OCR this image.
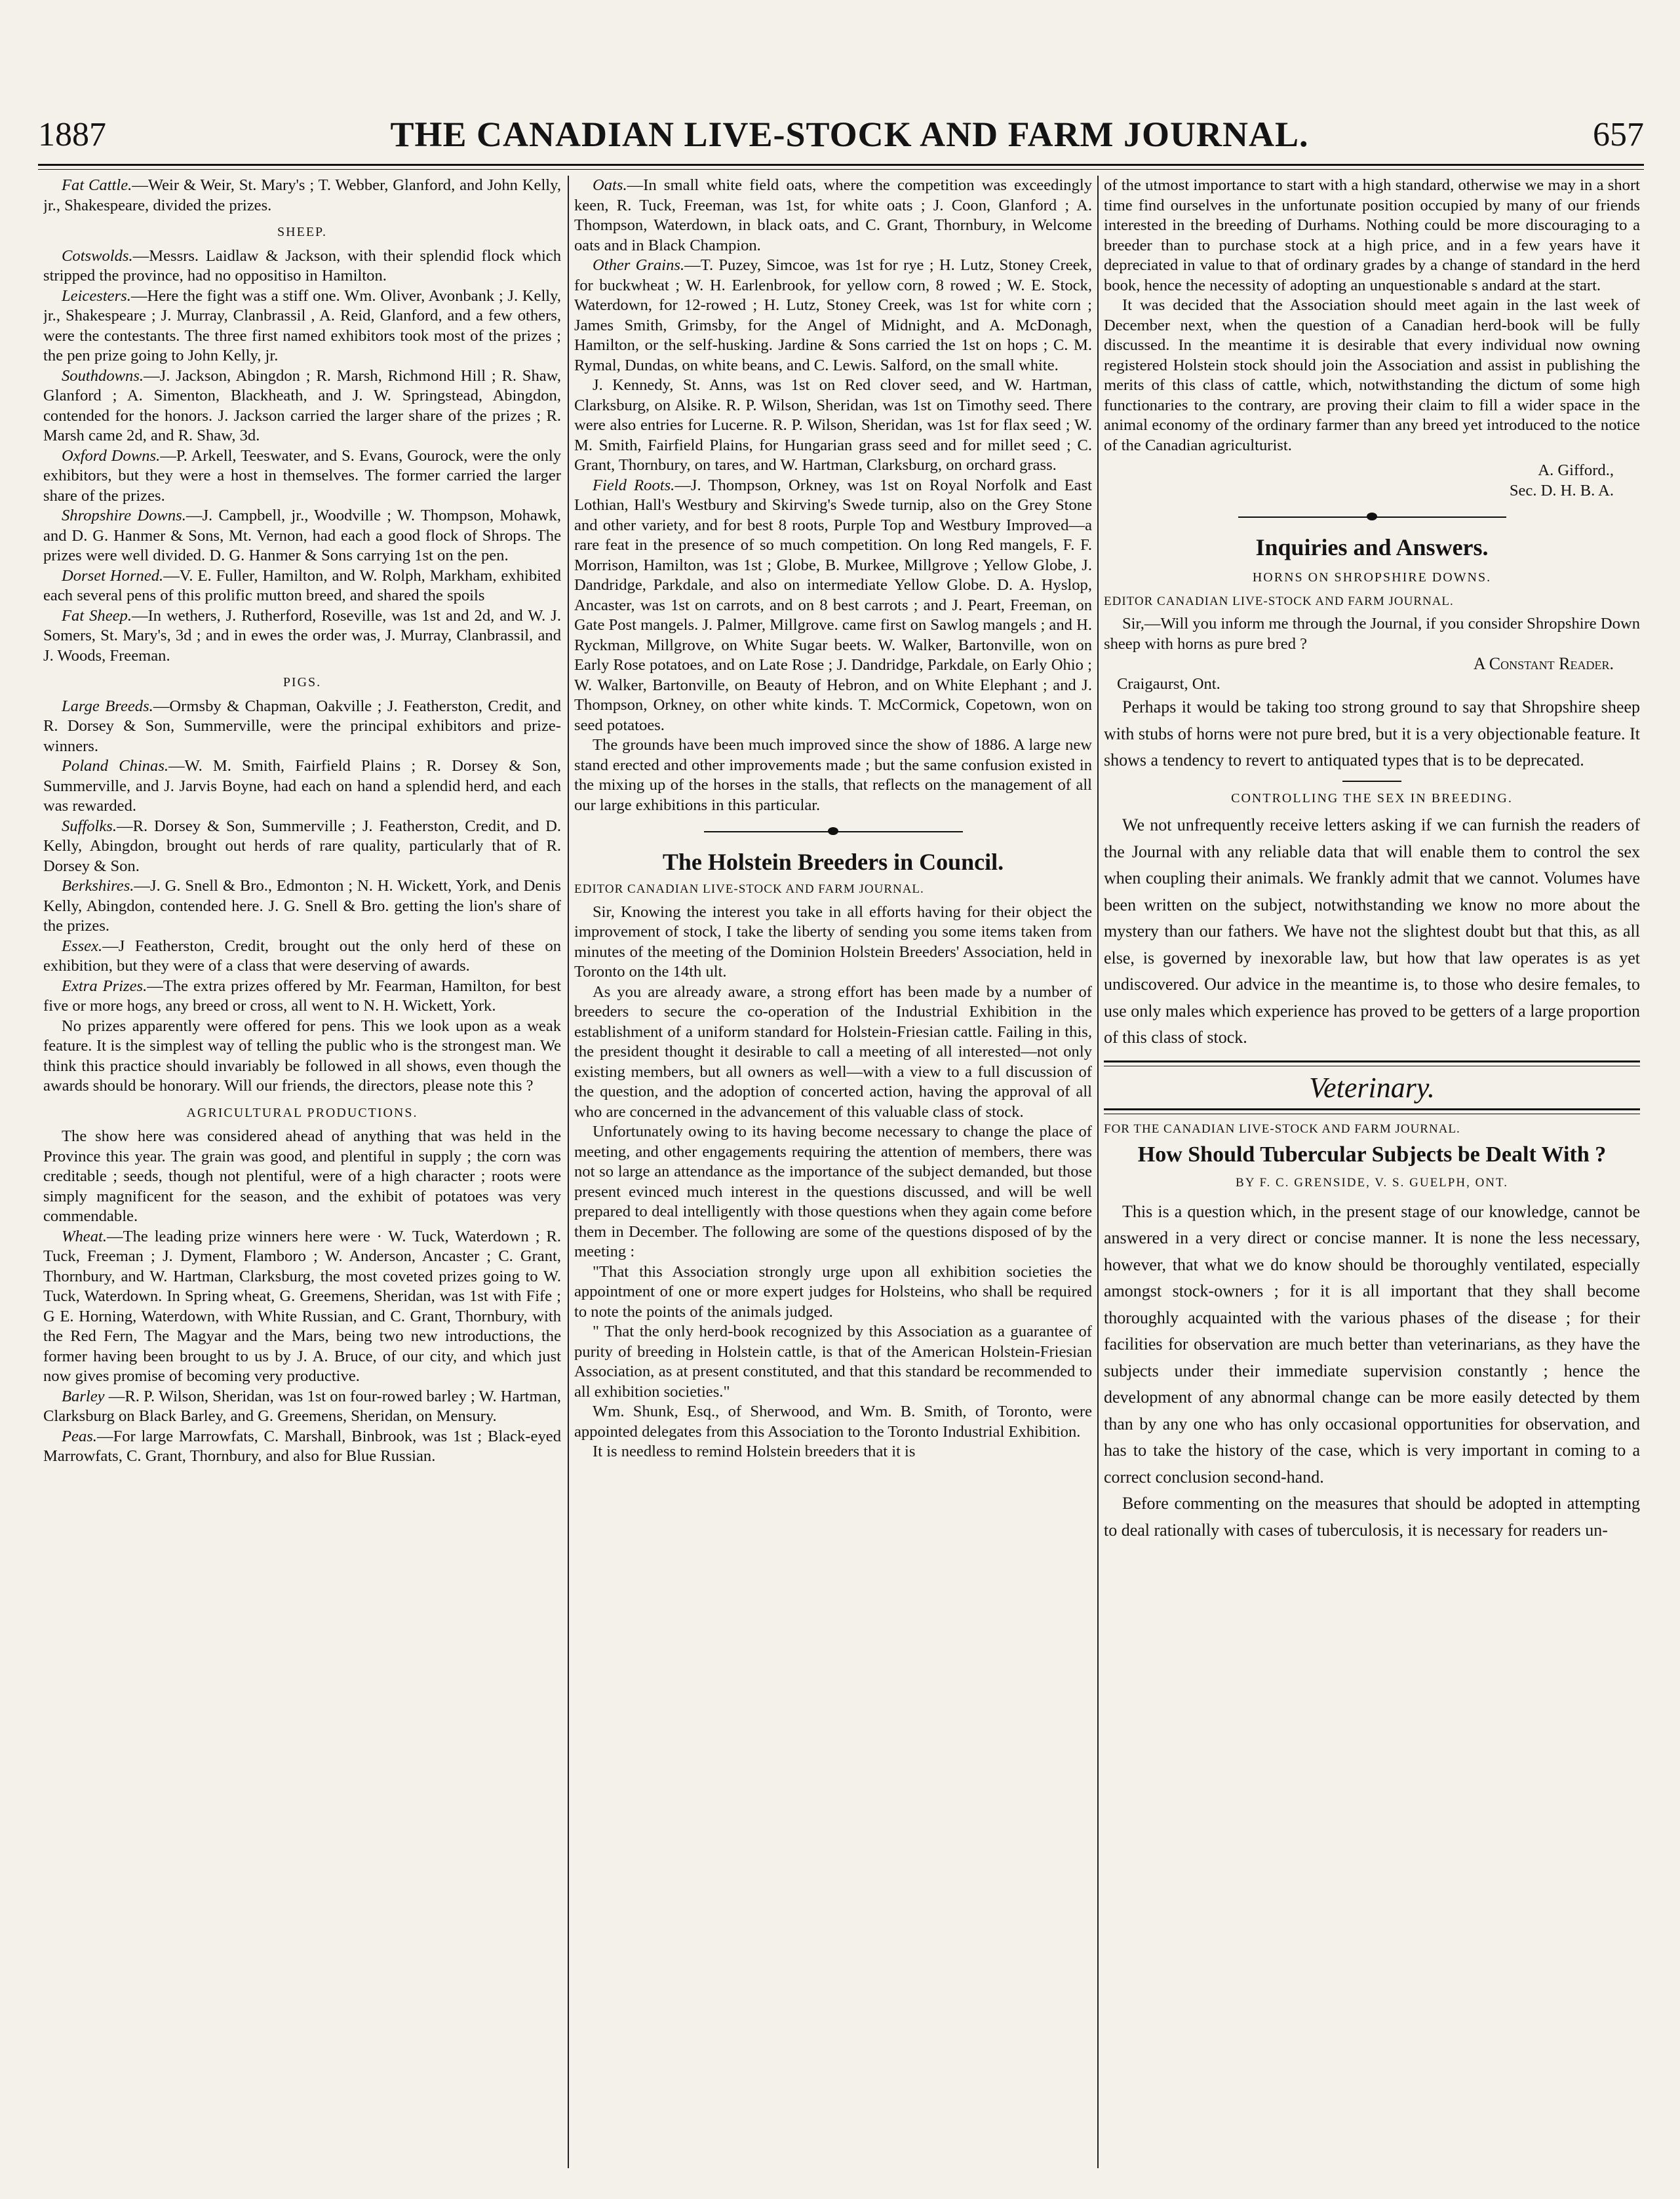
1887	THE CANADIAN LIVE-STOCK AND FARM JOURNAL.	657

Fat Cattle.—Weir & Weir, St. Mary's ; T. Webber, Glanford, and John Kelly, jr., Shakespeare, divided the prizes.

SHEEP.

Cotswolds.—Messrs. Laidlaw & Jackson, with their splendid flock which stripped the province, had no oppositiso in Hamilton.

Leicesters.—Here the fight was a stiff one. Wm. Oliver, Avonbank ; J. Kelly, jr., Shakespeare ; J. Murray, Clanbrassil , A. Reid, Glanford, and a few others, were the contestants. The three first named exhibitors took most of the prizes ; the pen prize going to John Kelly, jr.

Southdowns.—J. Jackson, Abingdon ; R. Marsh, Richmond Hill ; R. Shaw, Glanford ; A. Simenton, Blackheath, and J. W. Springstead, Abingdon, contended for the honors. J. Jackson carried the larger share of the prizes ; R. Marsh came 2d, and R. Shaw, 3d.

Oxford Downs.—P. Arkell, Teeswater, and S. Evans, Gourock, were the only exhibitors, but they were a host in themselves. The former carried the larger share of the prizes.

Shropshire Downs.—J. Campbell, jr., Woodville ; W. Thompson, Mohawk, and D. G. Hanmer & Sons, Mt. Vernon, had each a good flock of Shrops. The prizes were well divided. D. G. Hanmer & Sons carrying 1st on the pen.

Dorset Horned.—V. E. Fuller, Hamilton, and W. Rolph, Markham, exhibited each several pens of this prolific mutton breed, and shared the spoils

Fat Sheep.—In wethers, J. Rutherford, Roseville, was 1st and 2d, and W. J. Somers, St. Mary's, 3d ; and in ewes the order was, J. Murray, Clanbrassil, and J. Woods, Freeman.

PIGS.

Large Breeds.—Ormsby & Chapman, Oakville ; J. Featherston, Credit, and R. Dorsey & Son, Summerville, were the principal exhibitors and prize-winners.

Poland Chinas.—W. M. Smith, Fairfield Plains ; R. Dorsey & Son, Summerville, and J. Jarvis Boyne, had each on hand a splendid herd, and each was rewarded.

Suffolks.—R. Dorsey & Son, Summerville ; J. Featherston, Credit, and D. Kelly, Abingdon, brought out herds of rare quality, particularly that of R. Dorsey & Son.

Berkshires.—J. G. Snell & Bro., Edmonton ; N. H. Wickett, York, and Denis Kelly, Abingdon, contended here. J. G. Snell & Bro. getting the lion's share of the prizes.

Essex.—J Featherston, Credit, brought out the only herd of these on exhibition, but they were of a class that were deserving of awards.

Extra Prizes.—The extra prizes offered by Mr. Fearman, Hamilton, for best five or more hogs, any breed or cross, all went to N. H. Wickett, York.

No prizes apparently were offered for pens. This we look upon as a weak feature. It is the simplest way of telling the public who is the strongest man. We think this practice should invariably be followed in all shows, even though the awards should be honorary. Will our friends, the directors, please note this ?

AGRICULTURAL PRODUCTIONS.

The show here was considered ahead of anything that was held in the Province this year. The grain was good, and plentiful in supply ; the corn was creditable ; seeds, though not plentiful, were of a high character ; roots were simply magnificent for the season, and the exhibit of potatoes was very commendable.

Wheat.—The leading prize winners here were · W. Tuck, Waterdown ; R. Tuck, Freeman ; J. Dyment, Flamboro ; W. Anderson, Ancaster ; C. Grant, Thornbury, and W. Hartman, Clarksburg, the most coveted prizes going to W. Tuck, Waterdown. In Spring wheat, G. Greemens, Sheridan, was 1st with Fife ; G E. Horning, Waterdown, with White Russian, and C. Grant, Thornbury, with the Red Fern, The Magyar and the Mars, being two new introductions, the former having been brought to us by J. A. Bruce, of our city, and which just now gives promise of becoming very productive.

Barley —R. P. Wilson, Sheridan, was 1st on four-rowed barley ; W. Hartman, Clarksburg on Black Barley, and G. Greemens, Sheridan, on Mensury.

Peas.—For large Marrowfats, C. Marshall, Binbrook, was 1st ; Black-eyed Marrowfats, C. Grant, Thornbury, and also for Blue Russian.

Oats.—In small white field oats, where the competition was exceedingly keen, R. Tuck, Freeman, was 1st, for white oats ; J. Coon, Glanford ; A. Thompson, Waterdown, in black oats, and C. Grant, Thornbury, in Welcome oats and in Black Champion.

Other Grains.—T. Puzey, Simcoe, was 1st for rye ; H. Lutz, Stoney Creek, for buckwheat ; W. H. Earlenbrook, for yellow corn, 8 rowed ; W. E. Stock, Waterdown, for 12-rowed ; H. Lutz, Stoney Creek, was 1st for white corn ; James Smith, Grimsby, for the Angel of Midnight, and A. McDonagh, Hamilton, or the self-husking. Jardine & Sons carried the 1st on hops ; C. M. Rymal, Dundas, on white beans, and C. Lewis. Salford, on the small white.

J. Kennedy, St. Anns, was 1st on Red clover seed, and W. Hartman, Clarksburg, on Alsike. R. P. Wilson, Sheridan, was 1st on Timothy seed. There were also entries for Lucerne. R. P. Wilson, Sheridan, was 1st for flax seed ; W. M. Smith, Fairfield Plains, for Hungarian grass seed and for millet seed ; C. Grant, Thornbury, on tares, and W. Hartman, Clarksburg, on orchard grass.

Field Roots.—J. Thompson, Orkney, was 1st on Royal Norfolk and East Lothian, Hall's Westbury and Skirving's Swede turnip, also on the Grey Stone and other variety, and for best 8 roots, Purple Top and Westbury Improved—a rare feat in the presence of so much competition. On long Red mangels, F. F. Morrison, Hamilton, was 1st ; Globe, B. Murkee, Millgrove ; Yellow Globe, J. Dandridge, Parkdale, and also on intermediate Yellow Globe. D. A. Hyslop, Ancaster, was 1st on carrots, and on 8 best carrots ; and J. Peart, Freeman, on Gate Post mangels. J. Palmer, Millgrove. came first on Sawlog mangels ; and H. Ryckman, Millgrove, on White Sugar beets. W. Walker, Bartonville, won on Early Rose potatoes, and on Late Rose ; J. Dandridge, Parkdale, on Early Ohio ; W. Walker, Bartonville, on Beauty of Hebron, and on White Elephant ; and J. Thompson, Orkney, on other white kinds. T. McCormick, Copetown, won on seed potatoes.

The grounds have been much improved since the show of 1886. A large new stand erected and other improvements made ; but the same confusion existed in the mixing up of the horses in the stalls, that reflects on the management of all our large exhibitions in this particular.

The Holstein Breeders in Council.

EDITOR CANADIAN LIVE-STOCK AND FARM JOURNAL.

Sir, Knowing the interest you take in all efforts having for their object the improvement of stock, I take the liberty of sending you some items taken from minutes of the meeting of the Dominion Holstein Breeders' Association, held in Toronto on the 14th ult.

As you are already aware, a strong effort has been made by a number of breeders to secure the co-operation of the Industrial Exhibition in the establishment of a uniform standard for Holstein-Friesian cattle. Failing in this, the president thought it desirable to call a meeting of all interested—not only existing members, but all owners as well—with a view to a full discussion of the question, and the adoption of concerted action, having the approval of all who are concerned in the advancement of this valuable class of stock.

Unfortunately owing to its having become necessary to change the place of meeting, and other engagements requiring the attention of members, there was not so large an attendance as the importance of the subject demanded, but those present evinced much interest in the questions discussed, and will be well prepared to deal intelligently with those questions when they again come before them in December. The following are some of the questions disposed of by the meeting :

"That this Association strongly urge upon all exhibition societies the appointment of one or more expert judges for Holsteins, who shall be required to note the points of the animals judged.

" That the only herd-book recognized by this Association as a guarantee of purity of breeding in Holstein cattle, is that of the American Holstein-Friesian Association, as at present constituted, and that this standard be recommended to all exhibition societies."

Wm. Shunk, Esq., of Sherwood, and Wm. B. Smith, of Toronto, were appointed delegates from this Association to the Toronto Industrial Exhibition.

It is needless to remind Holstein breeders that it is

of the utmost importance to start with a high standard, otherwise we may in a short time find ourselves in the unfortunate position occupied by many of our friends interested in the breeding of Durhams. Nothing could be more discouraging to a breeder than to purchase stock at a high price, and in a few years have it depreciated in value to that of ordinary grades by a change of standard in the herd book, hence the necessity of adopting an unquestionable s andard at the start.

It was decided that the Association should meet again in the last week of December next, when the question of a Canadian herd-book will be fully discussed. In the meantime it is desirable that every individual now owning registered Holstein stock should join the Association and assist in publishing the merits of this class of cattle, which, notwithstanding the dictum of some high functionaries to the contrary, are proving their claim to fill a wider space in the animal economy of the ordinary farmer than any breed yet introduced to the notice of the Canadian agriculturist.

A. Gifford.,

Sec. D. H. B. A.

Inquiries and Answers.

HORNS ON SHROPSHIRE DOWNS.

EDITOR CANADIAN LIVE-STOCK AND FARM JOURNAL.

Sir,—Will you inform me through the Journal, if you consider Shropshire Down sheep with horns as pure bred ?

A Constant Reader.

Craigaurst, Ont.

Perhaps it would be taking too strong ground to say that Shropshire sheep with stubs of horns were not pure bred, but it is a very objectionable feature. It shows a tendency to revert to antiquated types that is to be deprecated.

CONTROLLING THE SEX IN BREEDING.

We not unfrequently receive letters asking if we can furnish the readers of the Journal with any reliable data that will enable them to control the sex when coupling their animals. We frankly admit that we cannot. Volumes have been written on the subject, notwithstanding we know no more about the mystery than our fathers. We have not the slightest doubt but that this, as all else, is governed by inexorable law, but how that law operates is as yet undiscovered. Our advice in the meantime is, to those who desire females, to use only males which experience has proved to be getters of a large proportion of this class of stock.

Veterinary.

FOR THE CANADIAN LIVE-STOCK AND FARM JOURNAL.

How Should Tubercular Subjects be Dealt With ?

BY F. C. GRENSIDE, V. S. GUELPH, ONT.

This is a question which, in the present stage of our knowledge, cannot be answered in a very direct or concise manner. It is none the less necessary, however, that what we do know should be thoroughly ventilated, especially amongst stock-owners ; for it is all important that they shall become thoroughly acquainted with the various phases of the disease ; for their facilities for observation are much better than veterinarians, as they have the subjects under their immediate supervision constantly ; hence the development of any abnormal change can be more easily detected by them than by any one who has only occasional opportunities for observation, and has to take the history of the case, which is very important in coming to a correct conclusion second-hand.

Before commenting on the measures that should be adopted in attempting to deal rationally with cases of tuberculosis, it is necessary for readers un-
